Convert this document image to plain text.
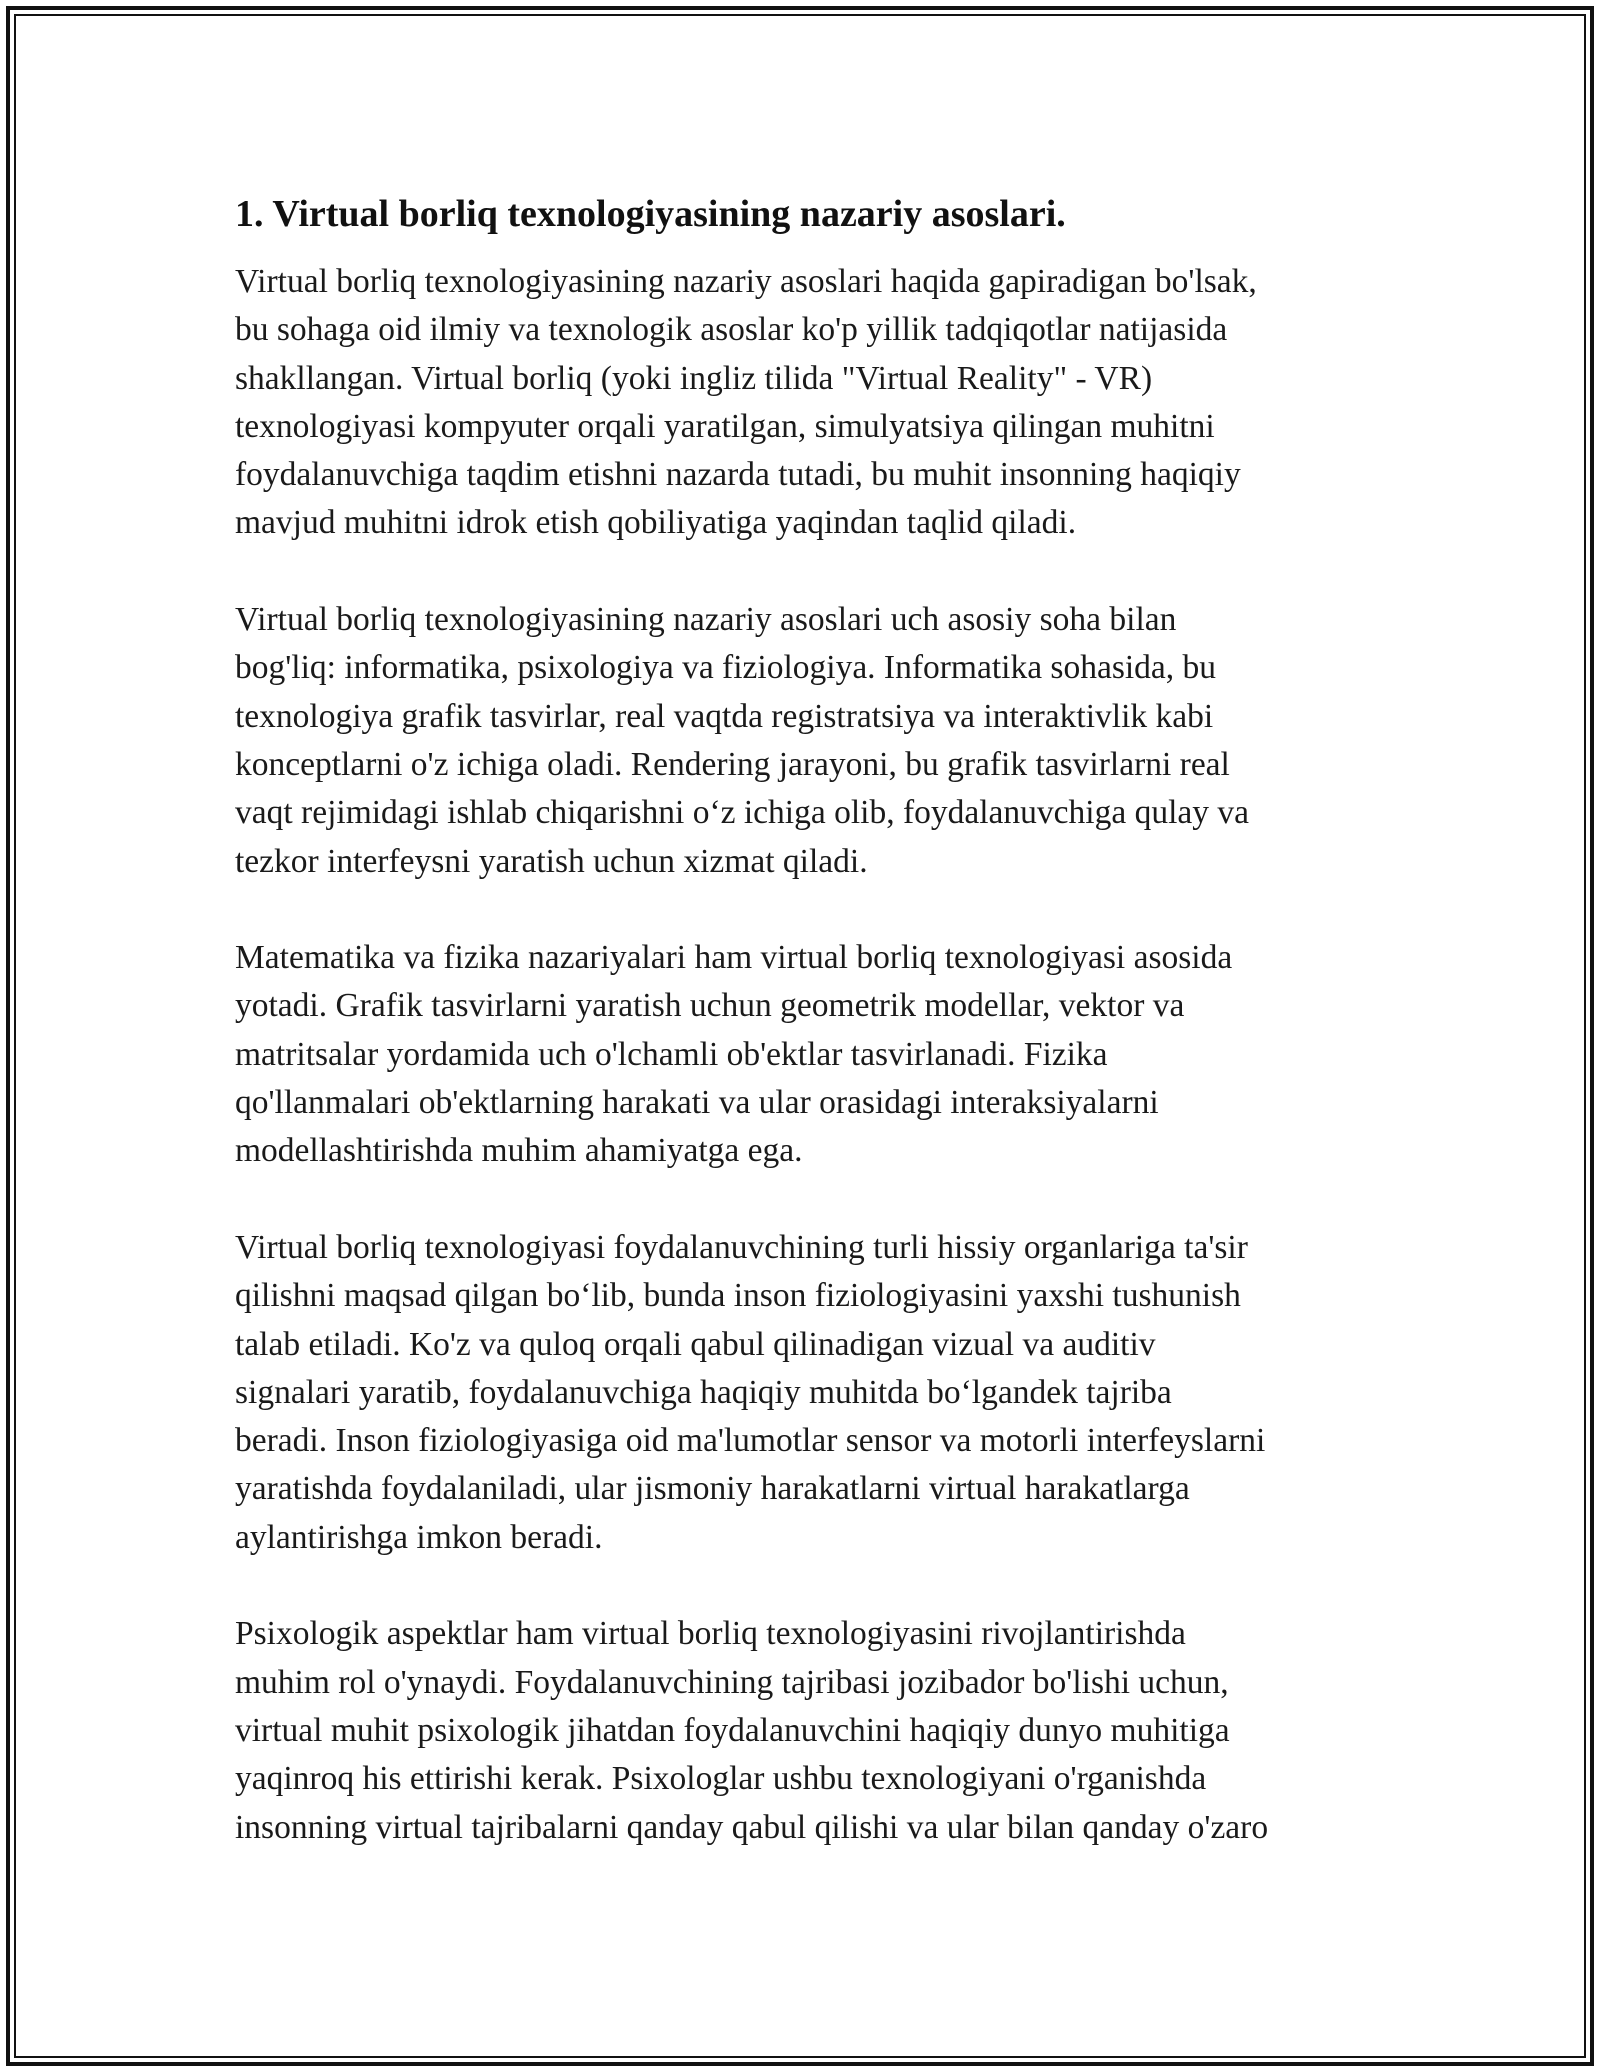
1. Virtual borliq texnologiyasining nazariy asoslari.

Virtual borliq texnologiyasining nazariy asoslari haqida gapiradigan bo'lsak,
bu sohaga oid ilmiy va texnologik asoslar ko'p yillik tadqiqotlar natijasida
shakllangan. Virtual borliq (yoki ingliz tilida "Virtual Reality" - VR)
texnologiyasi kompyuter orqali yaratilgan, simulyatsiya qilingan muhitni
foydalanuvchiga taqdim etishni nazarda tutadi, bu muhit insonning haqiqiy
mavjud muhitni idrok etish qobiliyatiga yaqindan taqlid qiladi.

Virtual borliq texnologiyasining nazariy asoslari uch asosiy soha bilan
bog'liq: informatika, psixologiya va fiziologiya. Informatika sohasida, bu
texnologiya grafik tasvirlar, real vaqtda registratsiya va interaktivlik kabi
konceptlarni o'z ichiga oladi. Rendering jarayoni, bu grafik tasvirlarni real
vaqt rejimidagi ishlab chiqarishni o‘z ichiga olib, foydalanuvchiga qulay va
tezkor interfeysni yaratish uchun xizmat qiladi.

Matematika va fizika nazariyalari ham virtual borliq texnologiyasi asosida
yotadi. Grafik tasvirlarni yaratish uchun geometrik modellar, vektor va
matritsalar yordamida uch o'lchamli ob'ektlar tasvirlanadi. Fizika
qo'llanmalari ob'ektlarning harakati va ular orasidagi interaksiyalarni
modellashtirishda muhim ahamiyatga ega.

Virtual borliq texnologiyasi foydalanuvchining turli hissiy organlariga ta'sir
qilishni maqsad qilgan bo‘lib, bunda inson fiziologiyasini yaxshi tushunish
talab etiladi. Ko'z va quloq orqali qabul qilinadigan vizual va auditiv
signalari yaratib, foydalanuvchiga haqiqiy muhitda bo‘lgandek tajriba
beradi. Inson fiziologiyasiga oid ma'lumotlar sensor va motorli interfeyslarni
yaratishda foydalaniladi, ular jismoniy harakatlarni virtual harakatlarga
aylantirishga imkon beradi.

Psixologik aspektlar ham virtual borliq texnologiyasini rivojlantirishda
muhim rol o'ynaydi. Foydalanuvchining tajribasi jozibador bo'lishi uchun,
virtual muhit psixologik jihatdan foydalanuvchini haqiqiy dunyo muhitiga
yaqinroq his ettirishi kerak. Psixologlar ushbu texnologiyani o'rganishda
insonning virtual tajribalarni qanday qabul qilishi va ular bilan qanday o'zaro
